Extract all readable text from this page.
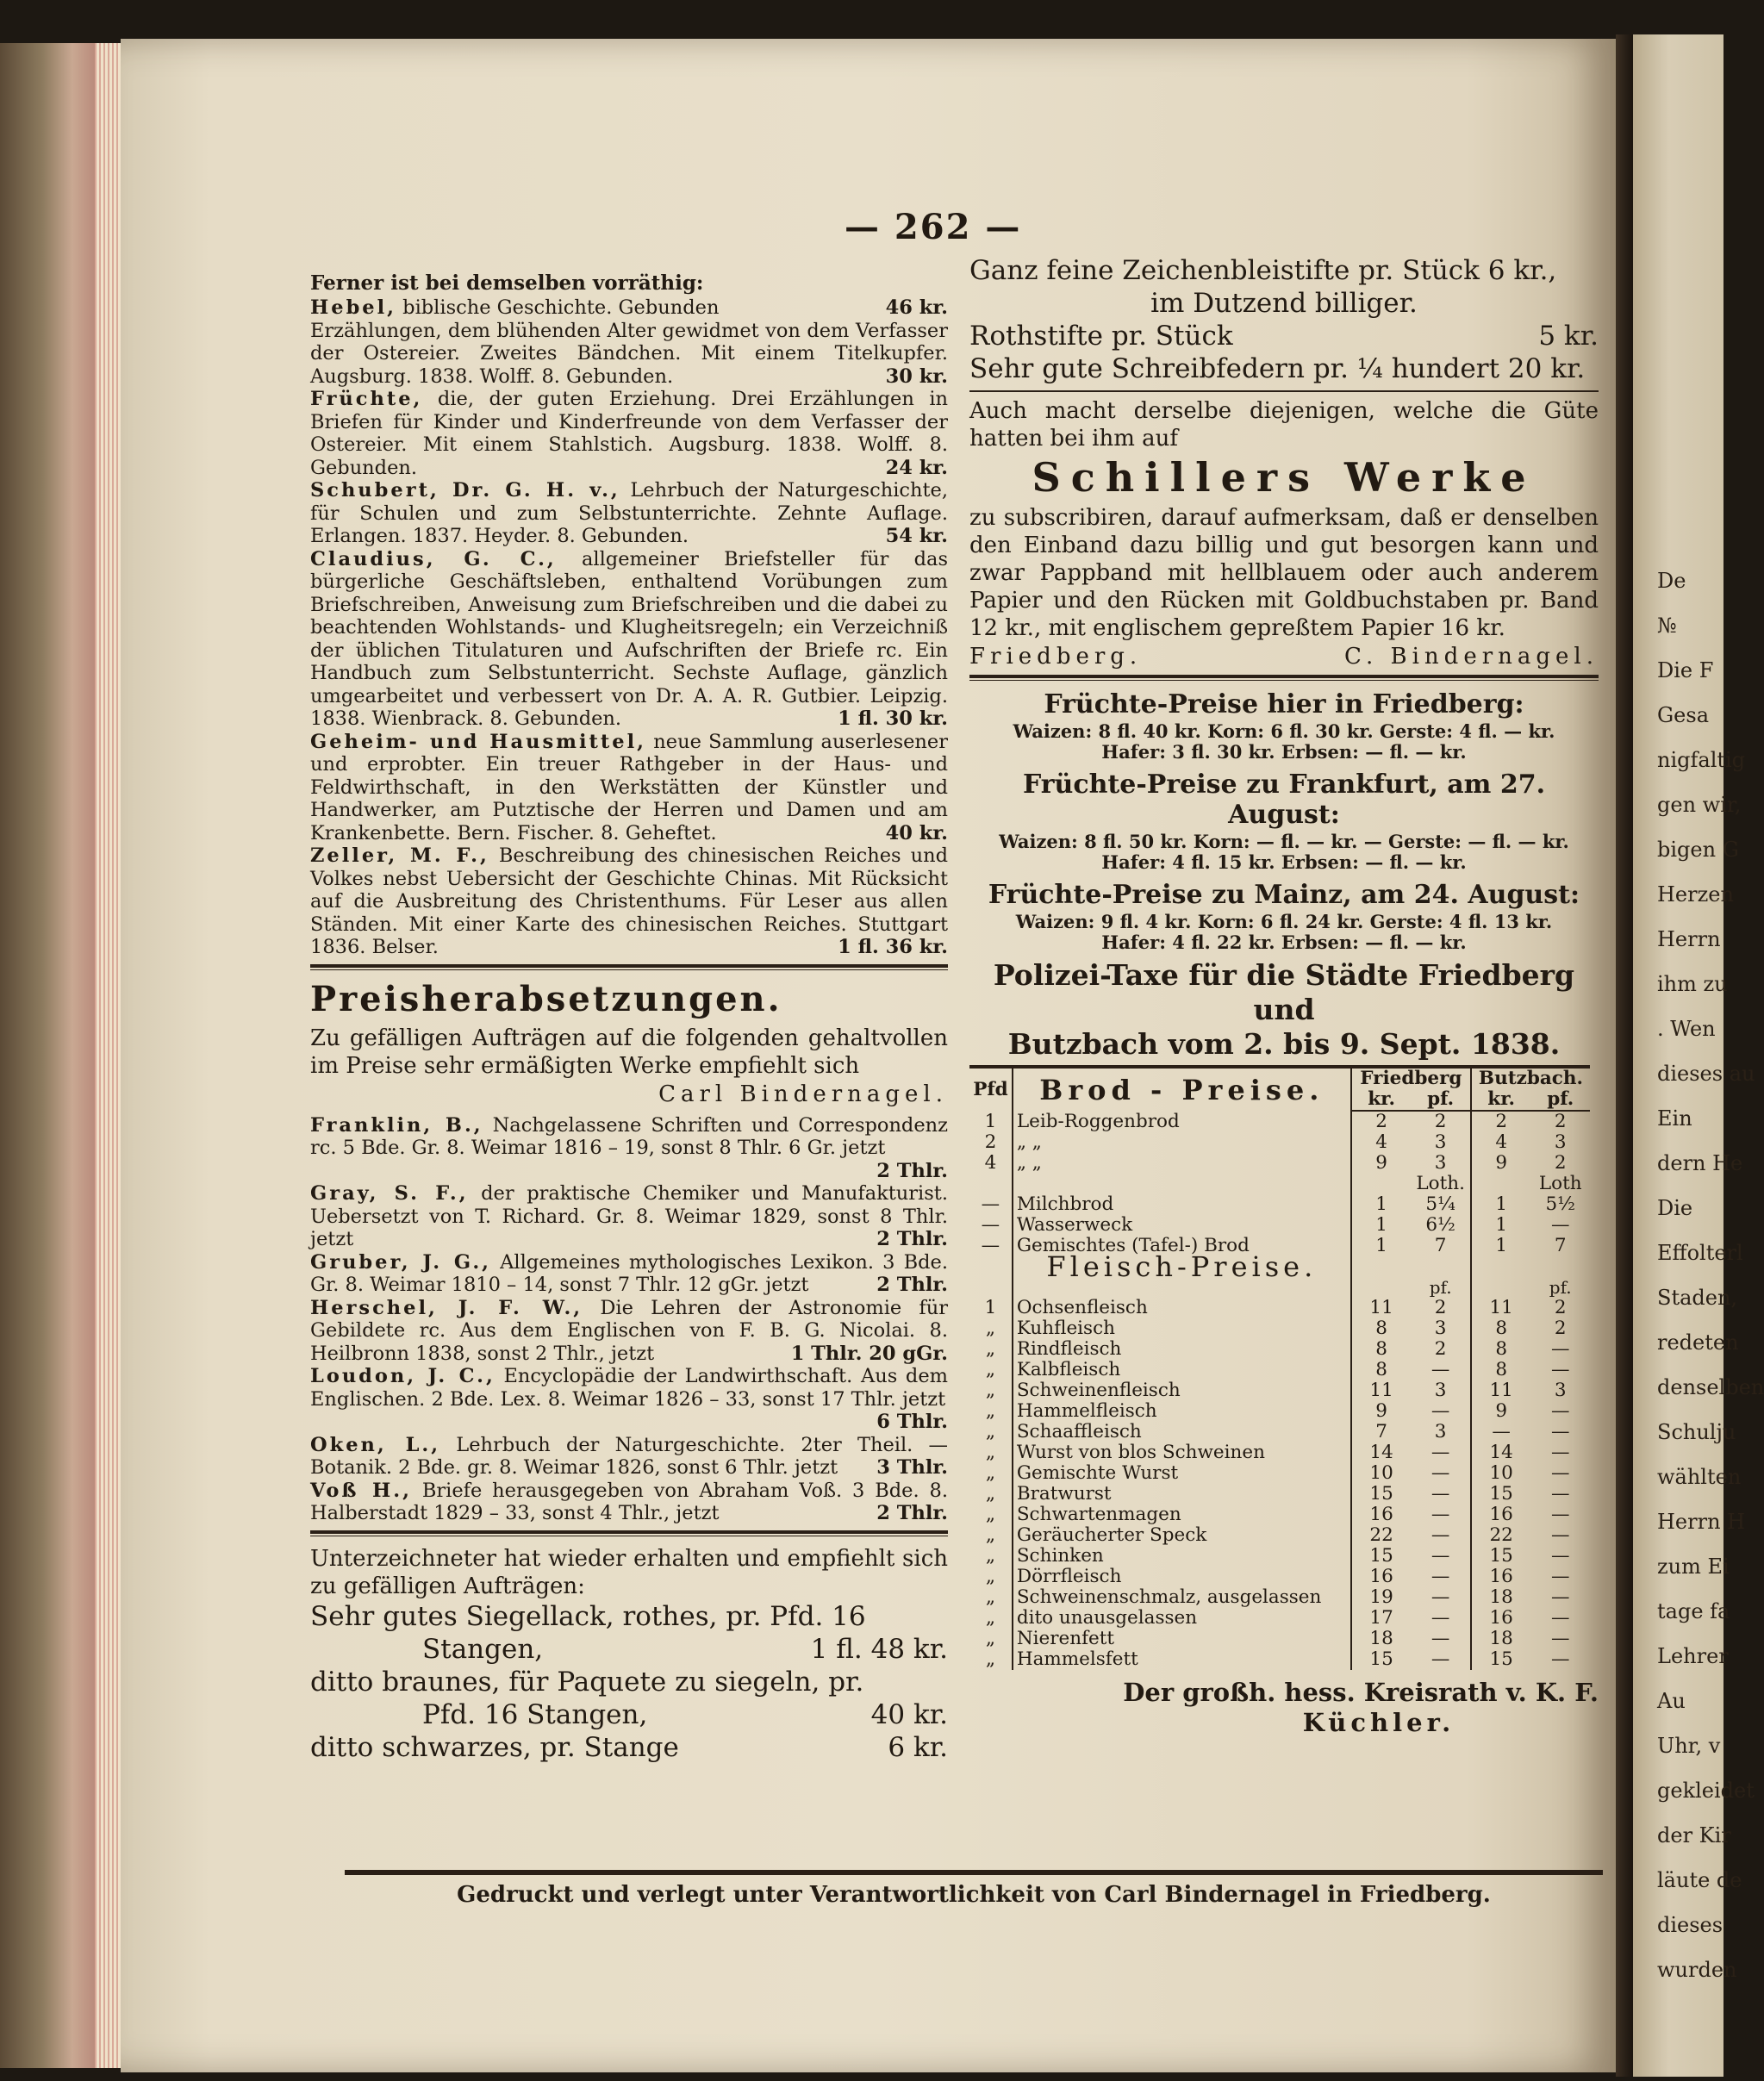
De
№
Die F
Gesa
nigfaltig
gen wir,
bigen G
Herzen
Herrn
ihm zu
. Wen
dieses au
Ein
dern He
Die
Effolterl
Staden,
redeten
denselben
Schulju
wählten
Herrn H
zum Ei
tage fa
Lehrer
Au
Uhr, v
gekleidet
der Kir
läute de
dieses
wurden
— 262 —

Ferner ist bei demselben vorräthig:

Hebel, biblische Geschichte. Gebunden	46 kr.

Erzählungen, dem blühenden Alter gewidmet von dem Verfasser der Ostereier. Zweites Bändchen. Mit einem Titelkupfer. Augsburg. 1838. Wolff. 8. Gebunden.	30 kr.

Früchte, die, der guten Erziehung. Drei Erzählungen in Briefen für Kinder und Kinderfreunde von dem Verfasser der Ostereier. Mit einem Stahlstich. Augsburg. 1838. Wolff. 8. Gebunden.	24 kr.

Schubert, Dr. G. H. v., Lehrbuch der Naturgeschichte, für Schulen und zum Selbstunterrichte. Zehnte Auflage. Erlangen. 1837. Heyder. 8. Gebunden.	54 kr.

Claudius, G. C., allgemeiner Briefsteller für das bürgerliche Geschäftsleben, enthaltend Vorübungen zum Briefschreiben, Anweisung zum Briefschreiben und die dabei zu beachtenden Wohlstands- und Klugheitsregeln; ein Verzeichniß der üblichen Titulaturen und Aufschriften der Briefe rc. Ein Handbuch zum Selbstunterricht. Sechste Auflage, gänzlich umgearbeitet und verbessert von Dr. A. A. R. Gutbier. Leipzig. 1838. Wienbrack. 8. Gebunden.	1 fl. 30 kr.

Geheim- und Hausmittel, neue Sammlung auserlesener und erprobter. Ein treuer Rathgeber in der Haus- und Feldwirthschaft, in den Werkstätten der Künstler und Handwerker, am Putztische der Herren und Damen und am Krankenbette. Bern. Fischer. 8. Geheftet.	40 kr.

Zeller, M. F., Beschreibung des chinesischen Reiches und Volkes nebst Uebersicht der Geschichte Chinas. Mit Rücksicht auf die Ausbreitung des Christenthums. Für Leser aus allen Ständen. Mit einer Karte des chinesischen Reiches. Stuttgart 1836. Belser.	1 fl. 36 kr.

Preisherabsetzungen.

Zu gefälligen Aufträgen auf die folgenden gehaltvollen im Preise sehr ermäßigten Werke empfiehlt sich

Carl Bindernagel.

Franklin, B., Nachgelassene Schriften und Correspondenz rc. 5 Bde. Gr. 8. Weimar 1816 – 19, sonst 8 Thlr. 6 Gr. jetzt
2 Thlr.

Gray, S. F., der praktische Chemiker und Manufakturist. Uebersetzt von T. Richard. Gr. 8. Weimar 1829, sonst 8 Thlr. jetzt	2 Thlr.

Gruber, J. G., Allgemeines mythologisches Lexikon. 3 Bde. Gr. 8. Weimar 1810 – 14, sonst 7 Thlr. 12 gGr. jetzt	2 Thlr.

Herschel, J. F. W., Die Lehren der Astronomie für Gebildete rc. Aus dem Englischen von F. B. G. Nicolai. 8. Heilbronn 1838, sonst 2 Thlr., jetzt	1 Thlr. 20 gGr.

Loudon, J. C., Encyclopädie der Landwirthschaft. Aus dem Englischen. 2 Bde. Lex. 8. Weimar 1826 – 33, sonst 17 Thlr. jetzt
6 Thlr.

Oken, L., Lehrbuch der Naturgeschichte. 2ter Theil. — Botanik. 2 Bde. gr. 8. Weimar 1826, sonst 6 Thlr. jetzt 3 Thlr.

Voß H., Briefe herausgegeben von Abraham Voß. 3 Bde. 8. Halberstadt 1829 – 33, sonst 4 Thlr., jetzt	2 Thlr.

Unterzeichneter hat wieder erhalten und empfiehlt sich zu gefälligen Aufträgen:

Sehr gutes Siegellack, rothes, pr. Pfd. 16

Stangen,	1 fl. 48 kr.

ditto braunes, für Paquete zu siegeln, pr.

Pfd. 16 Stangen,	40 kr.

ditto schwarzes, pr. Stange	6 kr.

Ganz feine Zeichenbleistifte pr. Stück 6 kr.,

im Dutzend billiger.

Rothstifte pr. Stück	5 kr.

Sehr gute Schreibfedern pr. ¼ hundert 20 kr.

Auch macht derselbe diejenigen, welche die Güte hatten bei ihm auf

Schillers Werke

zu subscribiren, darauf aufmerksam, daß er denselben den Einband dazu billig und gut besorgen kann und zwar Pappband mit hellblauem oder auch anderem Papier und den Rücken mit Goldbuchstaben pr. Band 12 kr., mit englischem gepreßtem Papier 16 kr.

Friedberg.	C. Bindernagel.
Früchte-Preise hier in Friedberg:
Waizen: 8 fl. 40 kr. Korn: 6 fl. 30 kr. Gerste: 4 fl. — kr.
Hafer: 3 fl. 30 kr. Erbsen: — fl. — kr.
Früchte-Preise zu Frankfurt, am 27. August:
Waizen: 8 fl. 50 kr. Korn: — fl. — kr. — Gerste: — fl. — kr.
Hafer: 4 fl. 15 kr. Erbsen: — fl. — kr.
Früchte-Preise zu Mainz, am 24. August:
Waizen: 9 fl. 4 kr. Korn: 6 fl. 24 kr. Gerste: 4 fl. 13 kr.
Hafer: 4 fl. 22 kr. Erbsen: — fl. — kr.
Polizei-Taxe für die Städte Friedberg und
Butzbach vom 2. bis 9. Sept. 1838.
Pfd	Brod - Preise.	Friedberg		Butzbach.	
		kr.	pf.	kr.	pf.
1	Leib-Roggenbrod	2	2	2	2
2	„ „	4	3	4	3
4	„ „	9	3	9	2
			Loth.		Loth
—	Milchbrod	1	5¼	1	5½
—	Wasserweck	1	6½	1	—
—	Gemischtes (Tafel-) Brod	1	7	1	7
	Fleisch-Preise.				
			pf.		pf.
1	Ochsenfleisch	11	2	11	2
„	Kuhfleisch	8	3	8	2
„	Rindfleisch	8	2	8	—
„	Kalbfleisch	8	—	8	—
„	Schweinenfleisch	11	3	11	3
„	Hammelfleisch	9	—	9	—
„	Schaaffleisch	7	3	—	—
„	Wurst von blos Schweinen	14	—	14	—
„	Gemischte Wurst	10	—	10	—
„	Bratwurst	15	—	15	—
„	Schwartenmagen	16	—	16	—
„	Geräucherter Speck	22	—	22	—
„	Schinken	15	—	15	—
„	Dörrfleisch	16	—	16	—
„	Schweinenschmalz, ausgelassen	19	—	18	—
„	dito unausgelassen	17	—	16	—
„	Nierenfett	18	—	18	—
„	Hammelsfett	15	—	15	—
Der großh. hess. Kreisrath v. K. F.
Küchler.
Gedruckt und verlegt unter Verantwortlichkeit von Carl Bindernagel in Friedberg.
